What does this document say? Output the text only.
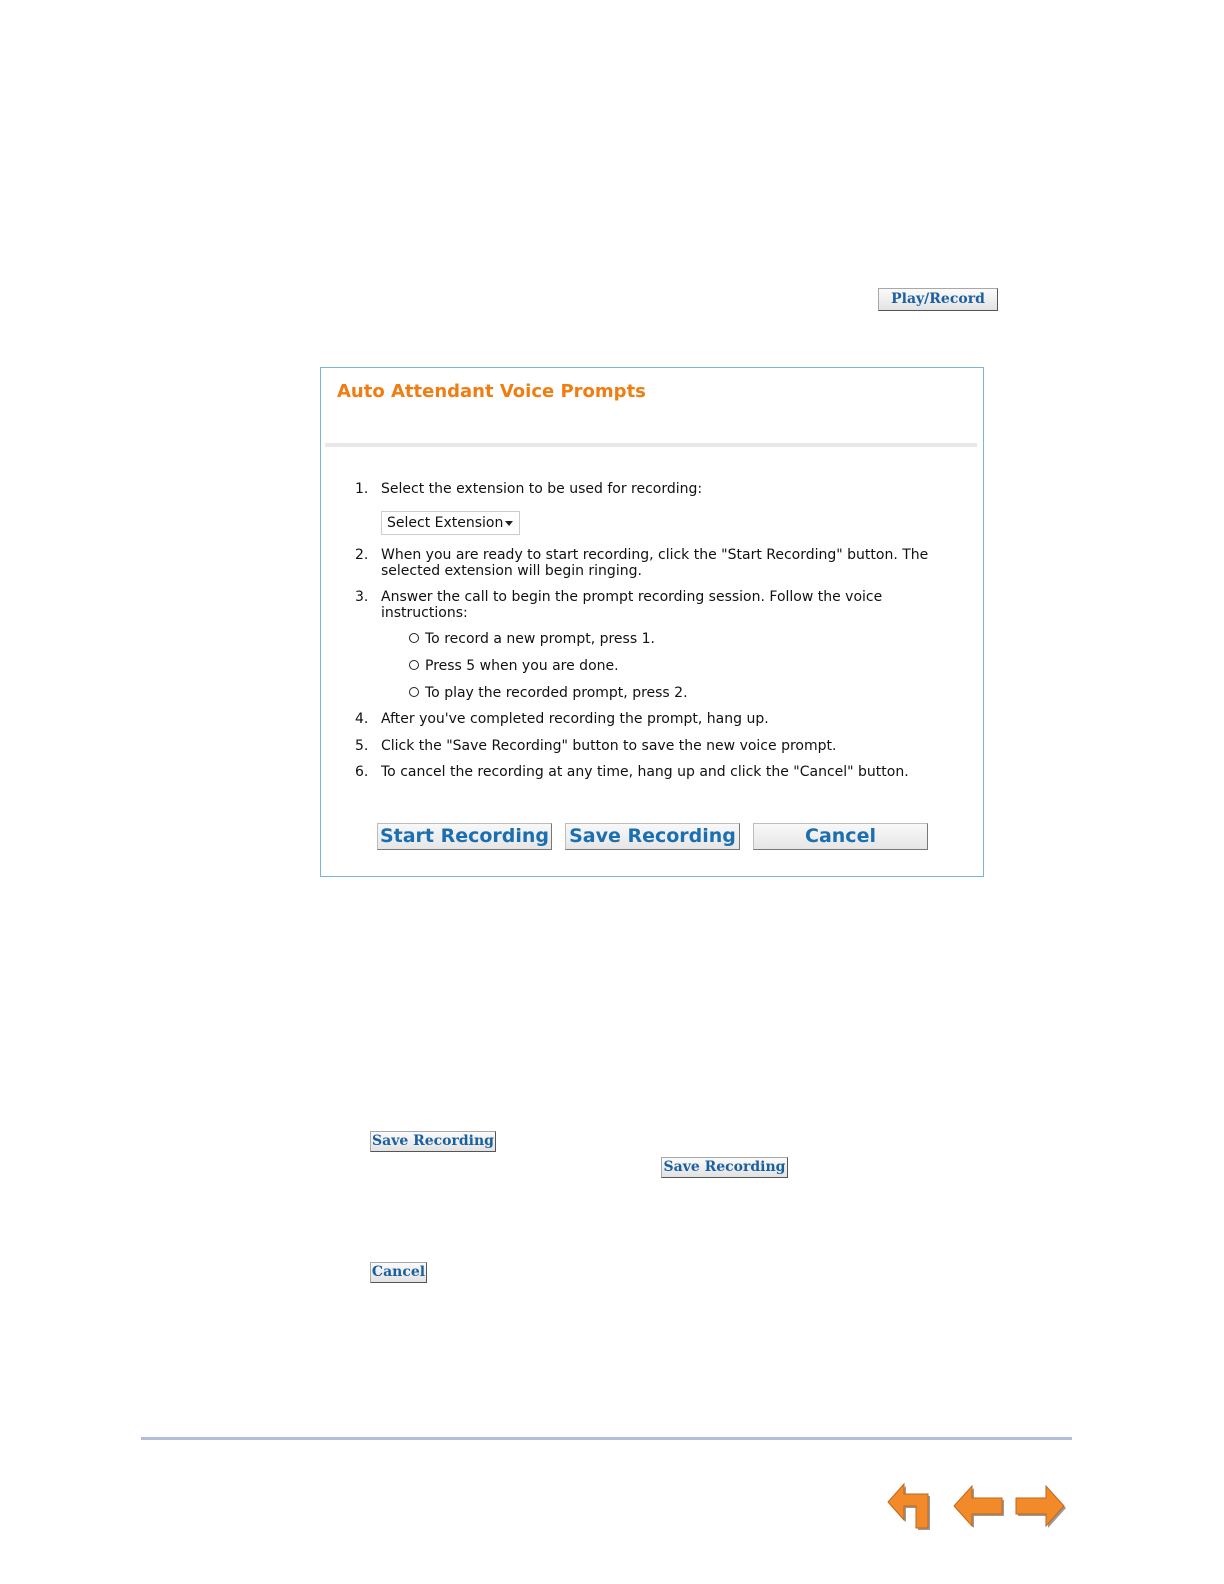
Play/Record
Auto Attendant Voice Prompts
1. Select the extension to be used for recording:
Select Extension
2. When you are ready to start recording, click the "Start Recording" button. The selected extension will begin ringing.
3. Answer the call to begin the prompt recording session. Follow the voice instructions:
To record a new prompt, press 1.
Press 5 when you are done.
To play the recorded prompt, press 2.
4. After you've completed recording the prompt, hang up.
5. Click the "Save Recording" button to save the new voice prompt.
6. To cancel the recording at any time, hang up and click the "Cancel" button.
Start Recording Save Recording	Cancel
Save Recording
Save Recording
Cancel
